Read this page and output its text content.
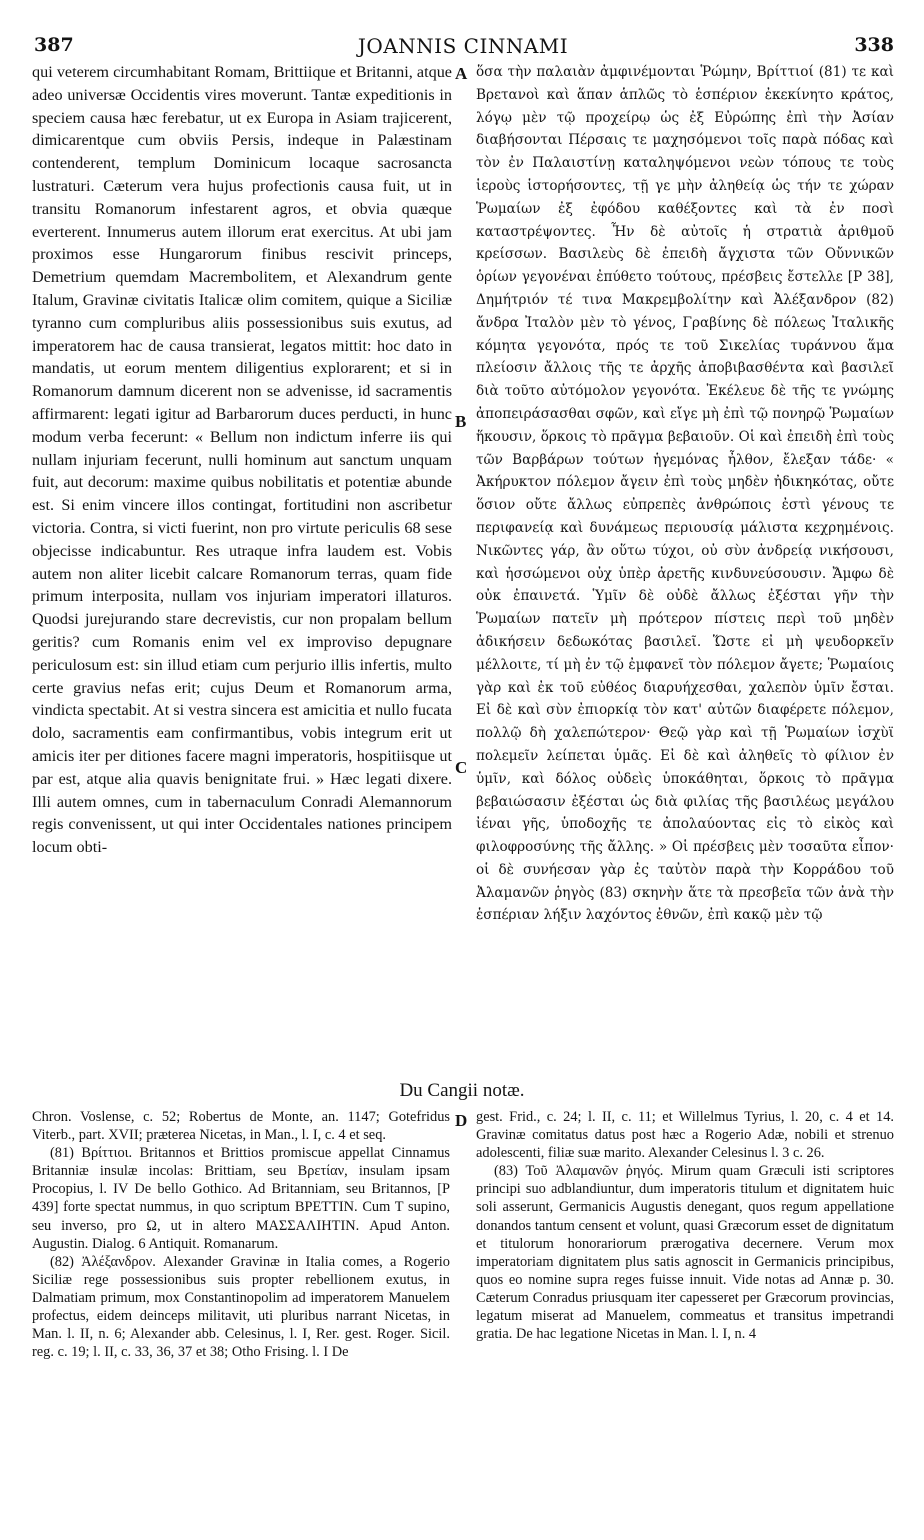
387	JOANNIS CINNAMI	338

qui veterem circumhabitant Romam, Brittiique et Britanni, atque adeo universæ Occidentis vires moverunt. Tantæ expeditionis in speciem causa hæc ferebatur, ut ex Europa in Asiam trajicerent, dimicarentque cum obviis Persis, indeque in Palæstinam contenderent, templum Dominicum locaque sacrosancta lustraturi. Cæterum vera hujus profectionis causa fuit, ut in transitu Romanorum infestarent agros, et obvia quæque everterent. Innumerus autem illorum erat exercitus. At ubi jam proximos esse Hungarorum finibus rescivit princeps, Demetrium quemdam Macrembolitem, et Alexandrum gente Italum, Gravinæ civitatis Italicæ olim comitem, quique a Siciliæ tyranno cum compluribus aliis possessionibus suis exutus, ad imperatorem hac de causa transierat, legatos mittit: hoc dato in mandatis, ut eorum mentem diligentius explorarent; et si in Romanorum damnum dicerent non se advenisse, id sacramentis affirmarent: legati igitur ad Barbarorum duces perducti, in hunc modum verba fecerunt: « Bellum non indictum inferre iis qui nullam injuriam fecerunt, nulli hominum aut sanctum unquam fuit, aut decorum: maxime quibus nobilitatis et potentiæ abunde est. Si enim vincere illos contingat, fortitudini non ascribetur victoria. Contra, si victi fuerint, non pro virtute periculis 68 sese objecisse indicabuntur. Res utraque infra laudem est. Vobis autem non aliter licebit calcare Romanorum terras, quam fide primum interposita, nullam vos injuriam imperatori illaturos. Quodsi jurejurando stare decrevistis, cur non propalam bellum geritis? cum Romanis enim vel ex improviso depugnare periculosum est: sin illud etiam cum perjurio illis infertis, multo certe gravius nefas erit; cujus Deum et Romanorum arma, vindicta spectabit. At si vestra sincera est amicitia et nullo fucata dolo, sacramentis eam confirmantibus, vobis integrum erit ut amicis iter per ditiones facere magni imperatoris, hospitiisque ut par est, atque alia quavis benignitate frui. » Hæc legati dixere. Illi autem omnes, cum in tabernaculum Conradi Alemannorum regis convenissent, ut qui inter Occidentales nationes principem locum obti-

ὅσα τὴν παλαιὰν ἀμφινέμονται Ῥώμην, Βρίττιοί (81) τε καὶ Βρετανοὶ καὶ ἅπαν ἁπλῶς τὸ ἑσπέριον ἐκεκίνητο κράτος, λόγῳ μὲν τῷ προχείρῳ ὡς ἐξ Εὐρώπης ἐπὶ τὴν Ἀσίαν διαβήσονται Πέρσαις τε μαχησόμενοι τοῖς παρὰ πόδας καὶ τὸν ἐν Παλαιστίνῃ καταληψόμενοι νεὼν τόπους τε τοὺς ἱεροὺς ἱστορήσοντες, τῇ γε μὴν ἀληθείᾳ ὡς τήν τε χώραν Ῥωμαίων ἐξ ἐφόδου καθέξοντες καὶ τὰ ἐν ποσὶ καταστρέψοντες. Ἦν δὲ αὐτοῖς ἡ στρατιὰ ἀριθμοῦ κρείσσων. Βασιλεὺς δὲ ἐπειδὴ ἄγχιστα τῶν Οὔννικῶν ὁρίων γεγονέναι ἐπύθετο τούτους, πρέσβεις ἔστελλε [P 38], Δημήτριόν τέ τινα Μακρεμβολίτην καὶ Ἀλέξανδρον (82) ἄνδρα Ἰταλὸν μὲν τὸ γένος, Γραβίνης δὲ πόλεως Ἰταλικῆς κόμητα γεγονότα, πρός τε τοῦ Σικελίας τυράννου ἅμα πλείοσιν ἄλλοις τῆς τε ἀρχῆς ἀποβιβασθέντα καὶ βασιλεῖ διὰ τοῦτο αὐτόμολον γεγονότα. Ἐκέλευε δὲ τῆς τε γνώμης ἀποπειράσασθαι σφῶν, καὶ εἴγε μὴ ἐπὶ τῷ πονηρῷ Ῥωμαίων ἥκουσιν, ὅρκοις τὸ πρᾶγμα βεβαιοῦν. Οἱ καὶ ἐπειδὴ ἐπὶ τοὺς τῶν Βαρβάρων τούτων ἡγεμόνας ἦλθον, ἔλεξαν τάδε· « Ἀκήρυκτον πόλεμον ἄγειν ἐπὶ τοὺς μηδὲν ἠδικηκότας, οὔτε ὅσιον οὔτε ἄλλως εὐπρεπὲς ἀνθρώποις ἐστὶ γένους τε περιφανείᾳ καὶ δυνάμεως περιουσίᾳ μάλιστα κεχρημένοις. Νικῶντες γάρ, ἂν οὕτω τύχοι, οὐ σὺν ἀνδρείᾳ νικήσουσι, καὶ ἡσσώμενοι οὐχ ὑπὲρ ἀρετῆς κινδυνεύσουσιν. Ἄμφω δὲ οὐκ ἐπαινετά. Ὑμῖν δὲ οὐδὲ ἄλλως ἐξέσται γῆν τὴν Ῥωμαίων πατεῖν μὴ πρότερον πίστεις περὶ τοῦ μηδὲν ἀδικήσειν δεδωκότας βασιλεῖ. Ὥστε εἰ μὴ ψευδορκεῖν μέλλοιτε, τί μὴ ἐν τῷ ἐμφανεῖ τὸν πόλεμον ἄγετε; Ῥωμαίοις γὰρ καὶ ἐκ τοῦ εὐθέος διαρυήχεσθαι, χαλεπὸν ὑμῖν ἔσται. Εἰ δὲ καὶ σὺν ἐπιορκίᾳ τὸν κατ' αὐτῶν διαφέρετε πόλεμον, πολλῷ δὴ χαλεπώτερον· Θεῷ γὰρ καὶ τῇ Ῥωμαίων ἰσχὺϊ πολεμεῖν λείπεται ὑμᾶς. Εἰ δὲ καὶ ἀληθεῖς τὸ φίλιον ἐν ὑμῖν, καὶ δόλος οὐδεὶς ὑποκάθηται, ὅρκοις τὸ πρᾶγμα βεβαιώσασιν ἐξέσται ὡς διὰ φιλίας τῆς βασιλέως μεγάλου ἰέναι γῆς, ὑποδοχῆς τε ἀπολαύοντας εἰς τὸ εἰκὸς καὶ φιλοφροσύνης τῆς ἄλλης. » Οἱ πρέσβεις μὲν τοσαῦτα εἶπον· οἱ δὲ συνήεσαν γὰρ ἐς ταὐτὸν παρὰ τὴν Κορράδου τοῦ Ἀλαμανῶν ῥηγὸς (83) σκηνὴν ἅτε τὰ πρεσβεῖα τῶν ἀνὰ τὴν ἑσπέριαν λήξιν λαχόντος ἐθνῶν, ἐπὶ κακῷ μὲν τῷ

A
B
C
D
Du Cangii notæ.

Chron. Voslense, c. 52; Robertus de Monte, an. 1147; Gotefridus Viterb., part. XVII; præterea Nicetas, in Man., l. I, c. 4 et seq.

(81) Βρίττιοι. Britannos et Brittios promiscue appellat Cinnamus Britanniæ insulæ incolas: Brittiam, seu Βρετίαν, insulam ipsam Procopius, l. IV De bello Gothico. Ad Britanniam, seu Britannos, [P 439] forte spectat nummus, in quo scriptum ΒΡΕΤΤΙΝ. Cum T supino, seu inverso, pro Ω, ut in altero ΜΑΣΣΑΛΙΗΤΙΝ. Apud Anton. Augustin. Dialog. 6 Antiquit. Romanarum.

(82) Ἀλέξανδρον. Alexander Gravinæ in Italia comes, a Rogerio Siciliæ rege possessionibus suis propter rebellionem exutus, in Dalmatiam primum, mox Constantinopolim ad imperatorem Manuelem profectus, eidem deinceps militavit, uti pluribus narrant Nicetas, in Man. l. II, n. 6; Alexander abb. Celesinus, l. I, Rer. gest. Roger. Sicil. reg. c. 19; l. II, c. 33, 36, 37 et 38; Otho Frising. l. I De

gest. Frid., c. 24; l. II, c. 11; et Willelmus Tyrius, l. 20, c. 4 et 14. Gravinæ comitatus datus post hæc a Rogerio Adæ, nobili et strenuo adolescenti, filiæ suæ marito. Alexander Celesinus l. 3 c. 26.

(83) Τοῦ Ἀλαμανῶν ῥηγός. Mirum quam Græculi isti scriptores principi suo adblandiuntur, dum imperatoris titulum et dignitatem huic soli asserunt, Germanicis Augustis denegant, quos regum appellatione donandos tantum censent et volunt, quasi Græcorum esset de dignitatum et titulorum honorariorum prærogativa decernere. Verum mox imperatoriam dignitatem plus satis agnoscit in Germanicis principibus, quos eo nomine supra reges fuisse innuit. Vide notas ad Annæ p. 30. Cæterum Conradus priusquam iter capesseret per Græcorum provincias, legatum miserat ad Manuelem, commeatus et transitus impetrandi gratia. De hac legatione Nicetas in Man. l. I, n. 4
